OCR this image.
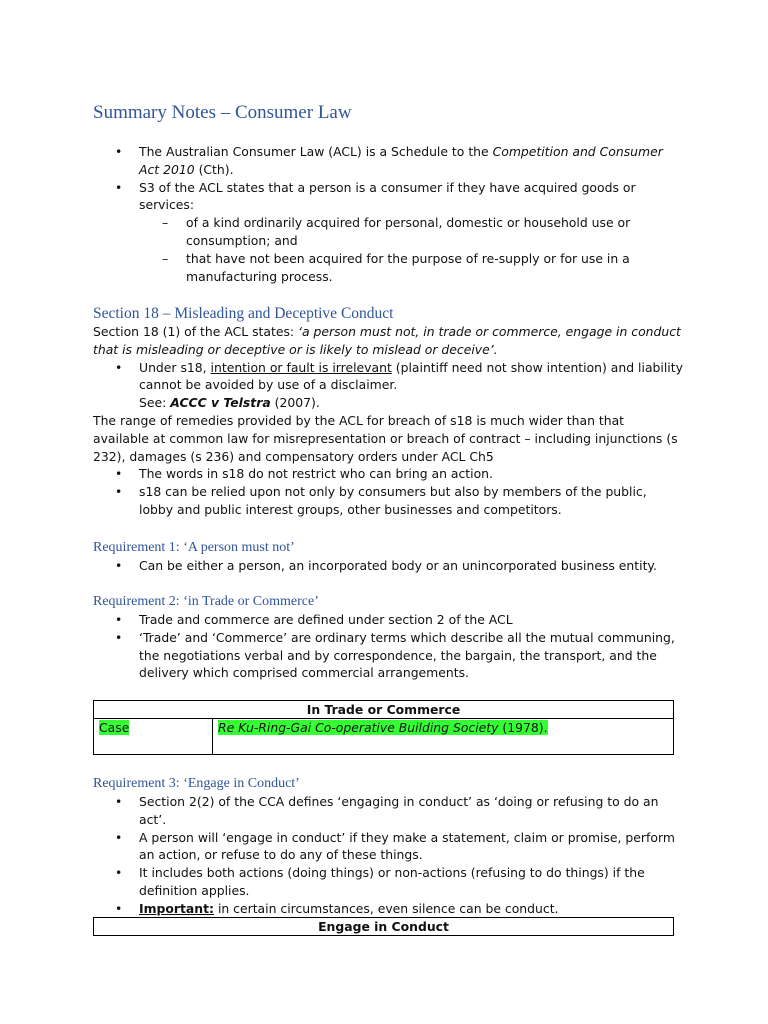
Summary Notes – Consumer Law
• The Australian Consumer Law (ACL) is a Schedule to the Competition and Consumer Act 2010 (Cth).
• S3 of the ACL states that a person is a consumer if they have acquired goods or services:
– of a kind ordinarily acquired for personal, domestic or household use or consumption; and
– that have not been acquired for the purpose of re-supply or for use in a manufacturing process.
Section 18 – Misleading and Deceptive Conduct
Section 18 (1) of the ACL states: ‘a person must not, in trade or commerce, engage in conduct that is misleading or deceptive or is likely to mislead or deceive’.
• Under s18, intention or fault is irrelevant (plaintiff need not show intention) and liability cannot be avoided by use of a disclaimer.
See: ACCC v Telstra (2007).
The range of remedies provided by the ACL for breach of s18 is much wider than that available at common law for misrepresentation or breach of contract – including injunctions (s 232), damages (s 236) and compensatory orders under ACL Ch5
• The words in s18 do not restrict who can bring an action.
• s18 can be relied upon not only by consumers but also by members of the public, lobby and public interest groups, other businesses and competitors.
Requirement 1: ‘A person must not’
• Can be either a person, an incorporated body or an unincorporated business entity.
Requirement 2: ‘in Trade or Commerce’
• Trade and commerce are defined under section 2 of the ACL
• ‘Trade’ and ‘Commerce’ are ordinary terms which describe all the mutual communing, the negotiations verbal and by correspondence, the bargain, the transport, and the delivery which comprised commercial arrangements.
In Trade or Commerce
Case	Re Ku-Ring-Gai Co-operative Building Society (1978).
Requirement 3: ‘Engage in Conduct’
• Section 2(2) of the CCA defines ‘engaging in conduct’ as ‘doing or refusing to do an act’.
• A person will ‘engage in conduct’ if they make a statement, claim or promise, perform an action, or refuse to do any of these things.
• It includes both actions (doing things) or non-actions (refusing to do things) if the definition applies.
• Important: in certain circumstances, even silence can be conduct.
Engage in Conduct
